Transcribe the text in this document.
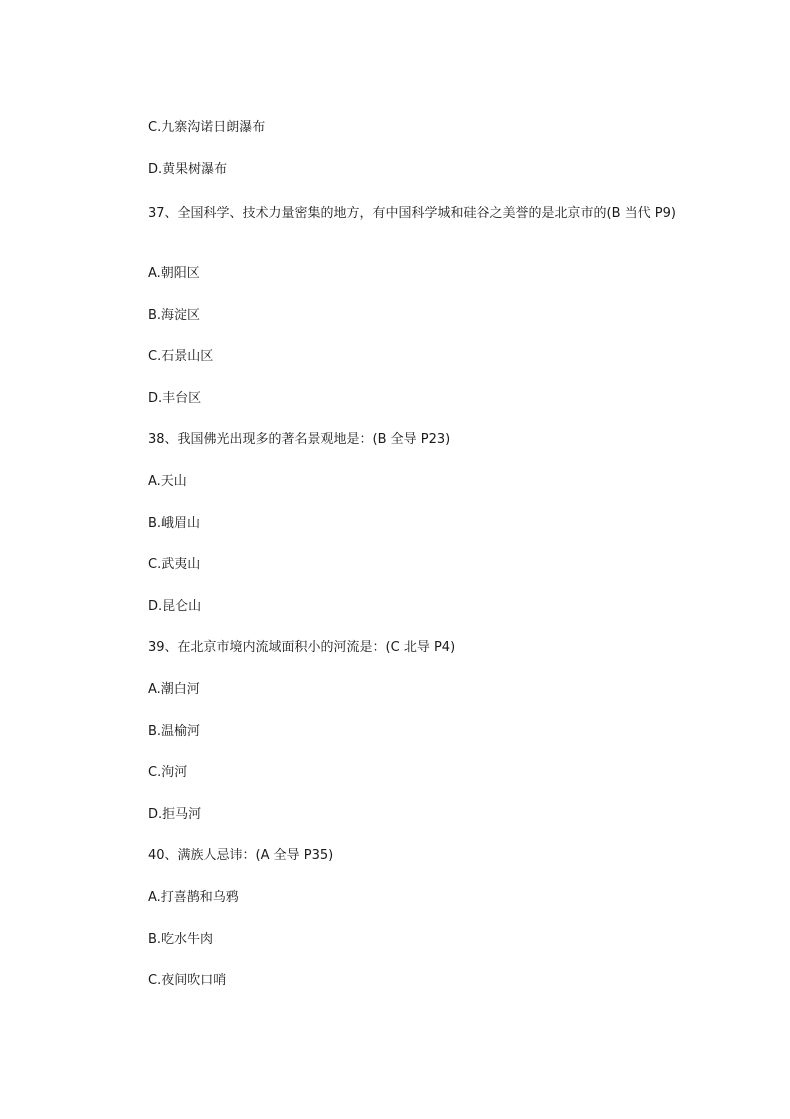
C.九寨沟诺日朗瀑布
D.黄果树瀑布
37、全国科学、技术力量密集的地方，有中国科学城和硅谷之美誉的是北京市的(B 当代 P9)
A.朝阳区
B.海淀区
C.石景山区
D.丰台区
38、我国佛光出现多的著名景观地是：(B 全导 P23)
A.天山
B.峨眉山
C.武夷山
D.昆仑山
39、在北京市境内流域面积小的河流是：(C 北导 P4)
A.潮白河
B.温榆河
C.泃河
D.拒马河
40、满族人忌讳：(A 全导 P35)
A.打喜鹊和乌鸦
B.吃水牛肉
C.夜间吹口哨
